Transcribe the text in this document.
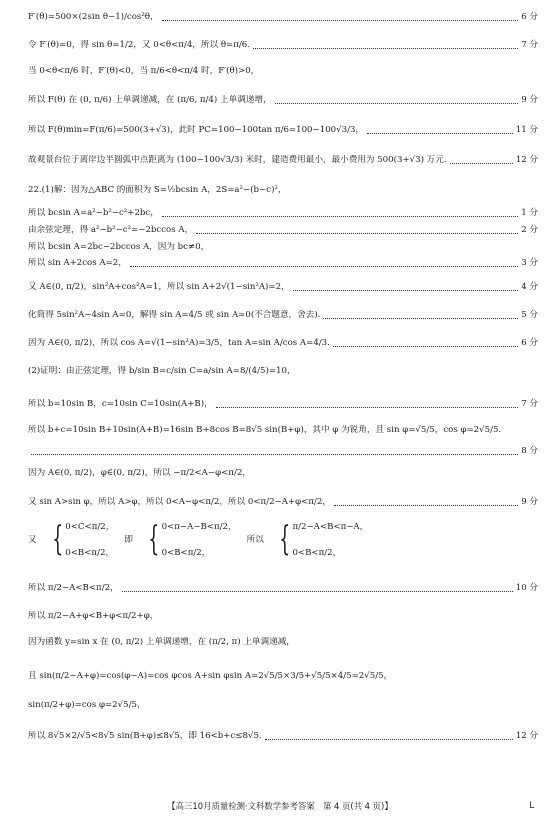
F′(θ)=500×(2sin θ−1)/cos²θ，	6 分
令 F′(θ)=0，得 sin θ=1/2，又 0<θ<π/4，所以 θ=π/6.	7 分
当 0<θ<π/6 时，F′(θ)<0，当 π/6<θ<π/4 时，F′(θ)>0，
所以 F(θ) 在 (0, π/6) 上单调递减，在 (π/6, π/4) 上单调递增，	9 分
所以 F(θ)min=F(π/6)=500(3+√3)，此时 PC=100−100tan π/6=100−100√3/3，	11 分
故观景台位于离岸边半圆弧中点距离为 (100−100√3/3) 米时，建造费用最小，最小费用为 500(3+√3) 万元.	12 分
22.(1)解：因为△ABC 的面积为 S=½bcsin A，2S=a²−(b−c)²，
所以 bcsin A=a²−b²−c²+2bc，	1 分
由余弦定理，得 a²−b²−c²=−2bccos A，	2 分
所以 bcsin A=2bc−2bccos A，因为 bc≠0，
所以 sin A+2cos A=2，	3 分
又 A∈(0, π/2)，sin²A+cos²A=1，所以 sin A+2√(1−sin²A)=2，	4 分
化简得 5sin²A−4sin A=0，解得 sin A=4/5 或 sin A=0(不合题意，舍去).	5 分
因为 A∈(0, π/2)，所以 cos A=√(1−sin²A)=3/5，tan A=sin A/cos A=4/3.	6 分
(2)证明：由正弦定理，得 b/sin B=c/sin C=a/sin A=8/(4/5)=10，
所以 b=10sin B，c=10sin C=10sin(A+B)，	7 分
所以 b+c=10sin B+10sin(A+B)=16sin B+8cos B=8√5 sin(B+φ)，其中 φ 为锐角，且 sin φ=√5/5，cos φ=2√5/5.
8 分
因为 A∈(0, π/2)，φ∈(0, π/2)，所以 −π/2<A−φ<π/2，
又 sin A>sin φ，所以 A>φ，所以 0<A−φ<π/2，所以 0<π/2−A+φ<π/2，	9 分
所以 π/2−A<B<π/2，	10 分
所以 π/2−A+φ<B+φ<π/2+φ，
因为函数 y=sin x 在 (0, π/2) 上单调递增，在 (π/2, π) 上单调递减，
且 sin(π/2−A+φ)=cos(φ−A)=cos φcos A+sin φsin A=2√5/5×3/5+√5/5×4/5=2√5/5，
sin(π/2+φ)=cos φ=2√5/5，
所以 8√5×2/√5<8√5 sin(B+φ)≤8√5，即 16<b+c≤8√5.	12 分
又 { 0<C<π/2，
0<B<π/2，
即 { 0<π−A−B<π/2，
0<B<π/2，
所以 { π/2−A<B<π−A，
0<B<π/2，
【高三10月质量检测·文科数学参考答案　第 4 页(共 4 页)】	L
